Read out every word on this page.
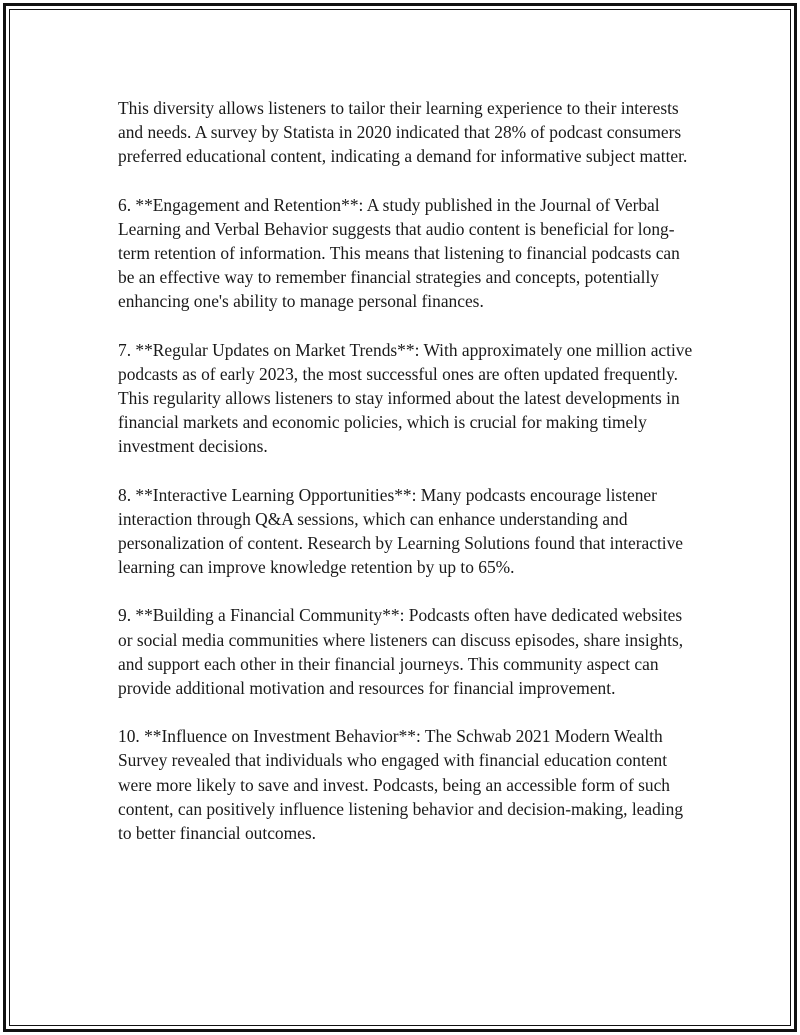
This diversity allows listeners to tailor their learning experience to their interests and needs. A survey by Statista in 2020 indicated that 28% of podcast consumers preferred educational content, indicating a demand for informative subject matter.

6. **Engagement and Retention**: A study published in the Journal of Verbal Learning and Verbal Behavior suggests that audio content is beneficial for long-term retention of information. This means that listening to financial podcasts can be an effective way to remember financial strategies and concepts, potentially enhancing one's ability to manage personal finances.

7. **Regular Updates on Market Trends**: With approximately one million active podcasts as of early 2023, the most successful ones are often updated frequently. This regularity allows listeners to stay informed about the latest developments in financial markets and economic policies, which is crucial for making timely investment decisions.

8. **Interactive Learning Opportunities**: Many podcasts encourage listener interaction through Q&A sessions, which can enhance understanding and personalization of content. Research by Learning Solutions found that interactive learning can improve knowledge retention by up to 65%.

9. **Building a Financial Community**: Podcasts often have dedicated websites or social media communities where listeners can discuss episodes, share insights, and support each other in their financial journeys. This community aspect can provide additional motivation and resources for financial improvement.

10. **Influence on Investment Behavior**: The Schwab 2021 Modern Wealth Survey revealed that individuals who engaged with financial education content were more likely to save and invest. Podcasts, being an accessible form of such content, can positively influence listening behavior and decision-making, leading to better financial outcomes.
